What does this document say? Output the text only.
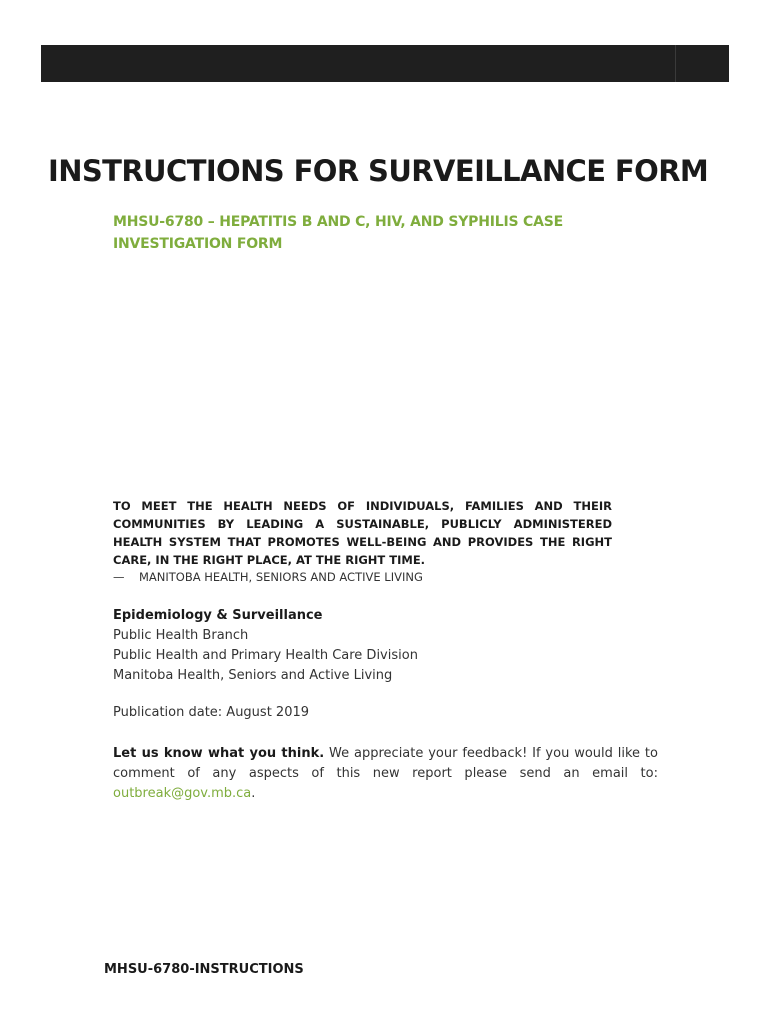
INSTRUCTIONS FOR SURVEILLANCE FORM
MHSU-6780 – HEPATITIS B AND C, HIV, AND SYPHILIS CASE
INVESTIGATION FORM

TO MEET THE HEALTH NEEDS OF INDIVIDUALS, FAMILIES AND THEIR COMMUNITIES BY LEADING A SUSTAINABLE, PUBLICLY ADMINISTERED HEALTH SYSTEM THAT PROMOTES WELL-BEING AND PROVIDES THE RIGHT CARE, IN THE RIGHT PLACE, AT THE RIGHT TIME.

— MANITOBA HEALTH, SENIORS AND ACTIVE LIVING
Epidemiology & Surveillance
Public Health Branch
Public Health and Primary Health Care Division
Manitoba Health, Seniors and Active Living
Publication date: August 2019

Let us know what you think. We appreciate your feedback! If you would like to comment of any aspects of this new report please send an email to: outbreak@gov.mb.ca.

MHSU-6780-INSTRUCTIONS
